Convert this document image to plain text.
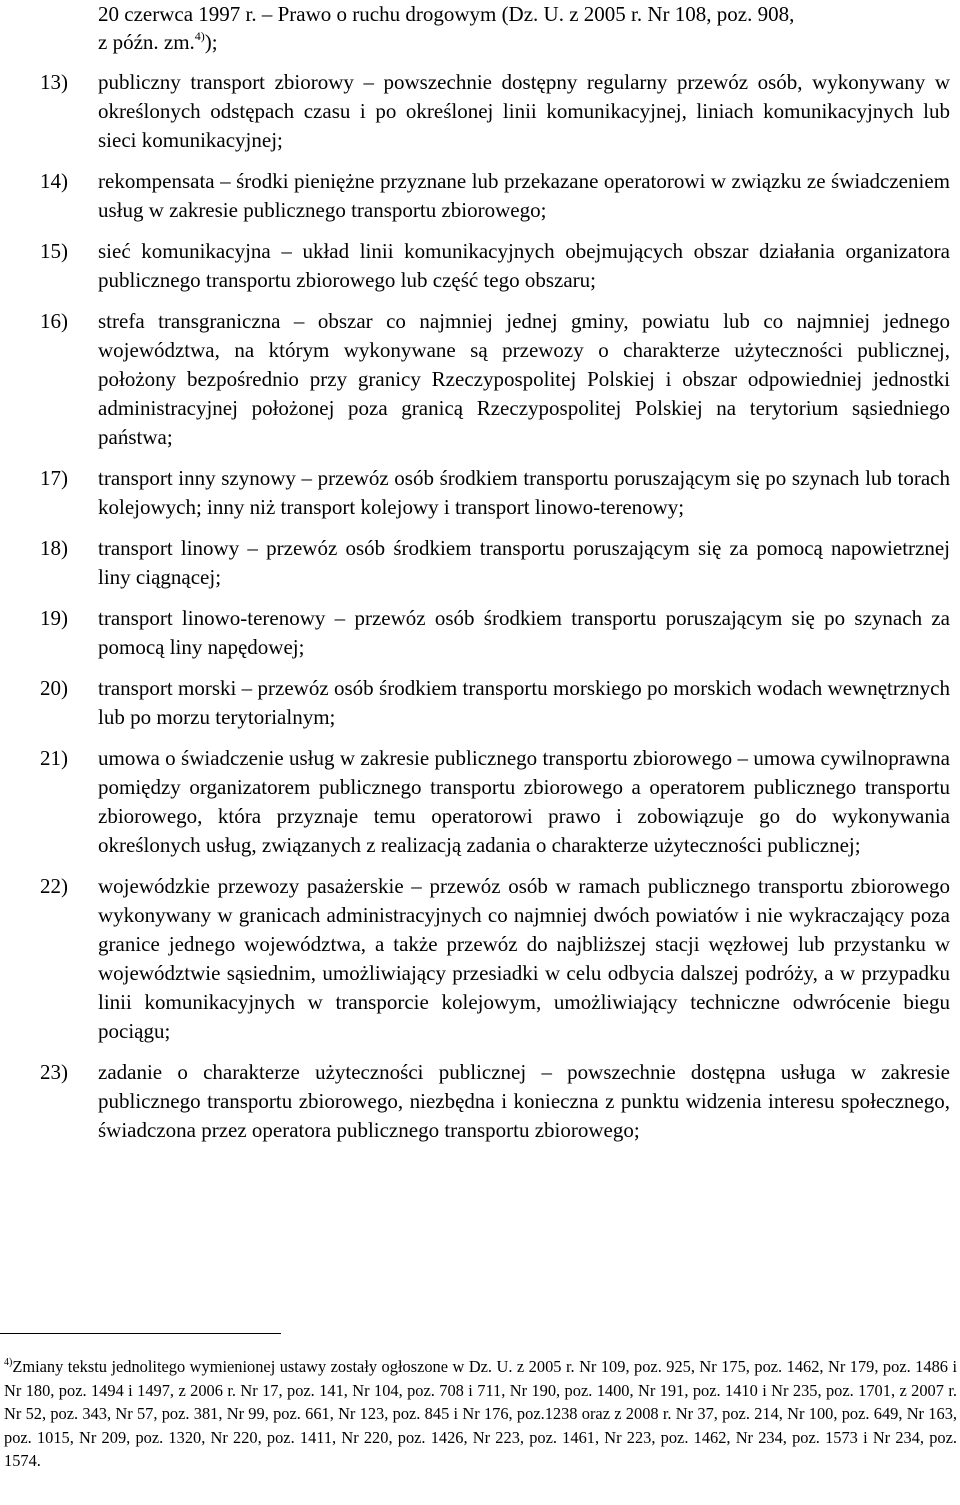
20 czerwca 1997 r. – Prawo o ruchu drogowym (Dz. U. z 2005 r. Nr 108, poz. 908,
z późn. zm.$^{4)}$);
13) publiczny transport zbiorowy – powszechnie dostępny regularny przewóz osób, wykonywany w określonych odstępach czasu i po określonej linii komunikacyjnej, liniach komunikacyjnych lub sieci komunikacyjnej;
14) rekompensata – środki pieniężne przyznane lub przekazane operatorowi w związku ze świadczeniem usług w zakresie publicznego transportu zbiorowego;
15) sieć komunikacyjna – układ linii komunikacyjnych obejmujących obszar działania organizatora publicznego transportu zbiorowego lub część tego obszaru;
16) strefa transgraniczna – obszar co najmniej jednej gminy, powiatu lub co najmniej jednego województwa, na którym wykonywane są przewozy o charakterze użyteczności publicznej, położony bezpośrednio przy granicy Rzeczypospolitej Polskiej i obszar odpowiedniej jednostki administracyjnej położonej poza granicą Rzeczypospolitej Polskiej na terytorium sąsiedniego państwa;
17) transport inny szynowy – przewóz osób środkiem transportu poruszającym się po szynach lub torach kolejowych; inny niż transport kolejowy i transport linowo-terenowy;
18) transport linowy – przewóz osób środkiem transportu poruszającym się za pomocą napowietrznej liny ciągnącej;
19) transport linowo-terenowy – przewóz osób środkiem transportu poruszającym się po szynach za pomocą liny napędowej;
20) transport morski – przewóz osób środkiem transportu morskiego po morskich wodach wewnętrznych lub po morzu terytorialnym;
21) umowa o świadczenie usług w zakresie publicznego transportu zbiorowego – umowa cywilnoprawna pomiędzy organizatorem publicznego transportu zbiorowego a operatorem publicznego transportu zbiorowego, która przyznaje temu operatorowi prawo i zobowiązuje go do wykonywania określonych usług, związanych z realizacją zadania o charakterze użyteczności publicznej;
22) wojewódzkie przewozy pasażerskie – przewóz osób w ramach publicznego transportu zbiorowego wykonywany w granicach administracyjnych co najmniej dwóch powiatów i nie wykraczający poza granice jednego województwa, a także przewóz do najbliższej stacji węzłowej lub przystanku w województwie sąsiednim, umożliwiający przesiadki w celu odbycia dalszej podróży, a w przypadku linii komunikacyjnych w transporcie kolejowym, umożliwiający techniczne odwrócenie biegu pociągu;
23) zadanie o charakterze użyteczności publicznej – powszechnie dostępna usługa w zakresie publicznego transportu zbiorowego, niezbędna i konieczna z punktu widzenia interesu społecznego, świadczona przez operatora publicznego transportu zbiorowego;
$^{4)}$Zmiany tekstu jednolitego wymienionej ustawy zostały ogłoszone w Dz. U. z 2005 r. Nr 109, poz. 925, Nr 175, poz. 1462, Nr 179, poz. 1486 i Nr 180, poz. 1494 i 1497, z 2006 r. Nr 17, poz. 141, Nr 104, poz. 708 i 711, Nr 190, poz. 1400, Nr 191, poz. 1410 i Nr 235, poz. 1701, z 2007 r. Nr 52, poz. 343, Nr 57, poz. 381, Nr 99, poz. 661, Nr 123, poz. 845 i Nr 176, poz.1238 oraz z 2008 r. Nr 37, poz. 214, Nr 100, poz. 649, Nr 163, poz. 1015, Nr 209, poz. 1320, Nr 220, poz. 1411, Nr 220, poz. 1426, Nr 223, poz. 1461, Nr 223, poz. 1462, Nr 234, poz. 1573 i Nr 234, poz. 1574.
